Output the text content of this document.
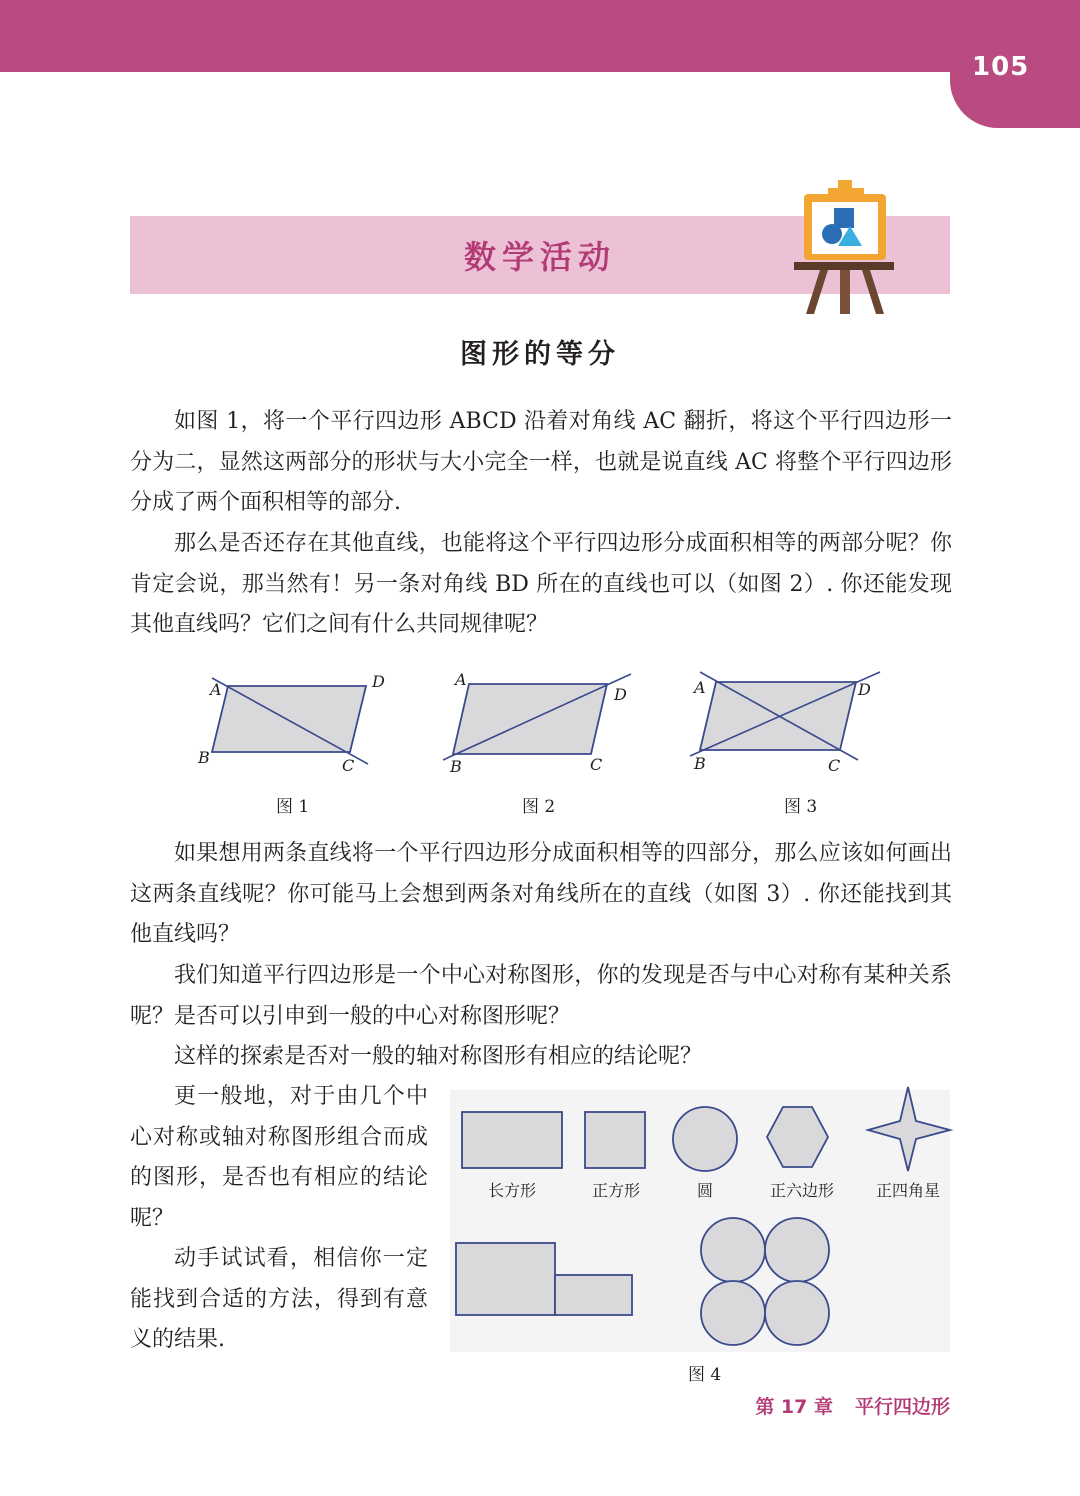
105
数学活动
图形的等分

如图 1，将一个平行四边形 ABCD 沿着对角线 AC 翻折，将这个平行四边形一分为二，显然这两部分的形状与大小完全一样，也就是说直线 AC 将整个平行四边形分成了两个面积相等的部分.

那么是否还存在其他直线，也能将这个平行四边形分成面积相等的两部分呢？你肯定会说，那当然有！另一条对角线 BD 所在的直线也可以（如图 2）. 你还能发现其他直线吗？它们之间有什么共同规律呢？

A	D
B	C
图 1
A
D
B	C
图 2
A	D
B	C
图 3

如果想用两条直线将一个平行四边形分成面积相等的四部分，那么应该如何画出这两条直线呢？你可能马上会想到两条对角线所在的直线（如图 3）. 你还能找到其他直线吗？

我们知道平行四边形是一个中心对称图形，你的发现是否与中心对称有某种关系呢？是否可以引申到一般的中心对称图形呢？

这样的探索是否对一般的轴对称图形有相应的结论呢？

更一般地，对于由几个中心对称或轴对称图形组合而成的图形，是否也有相应的结论呢？

动手试试看，相信你一定能找到合适的方法，得到有意义的结果.

长方形	正方形	圆	正六边形	正四角星
图 4
第 17 章 平行四边形
